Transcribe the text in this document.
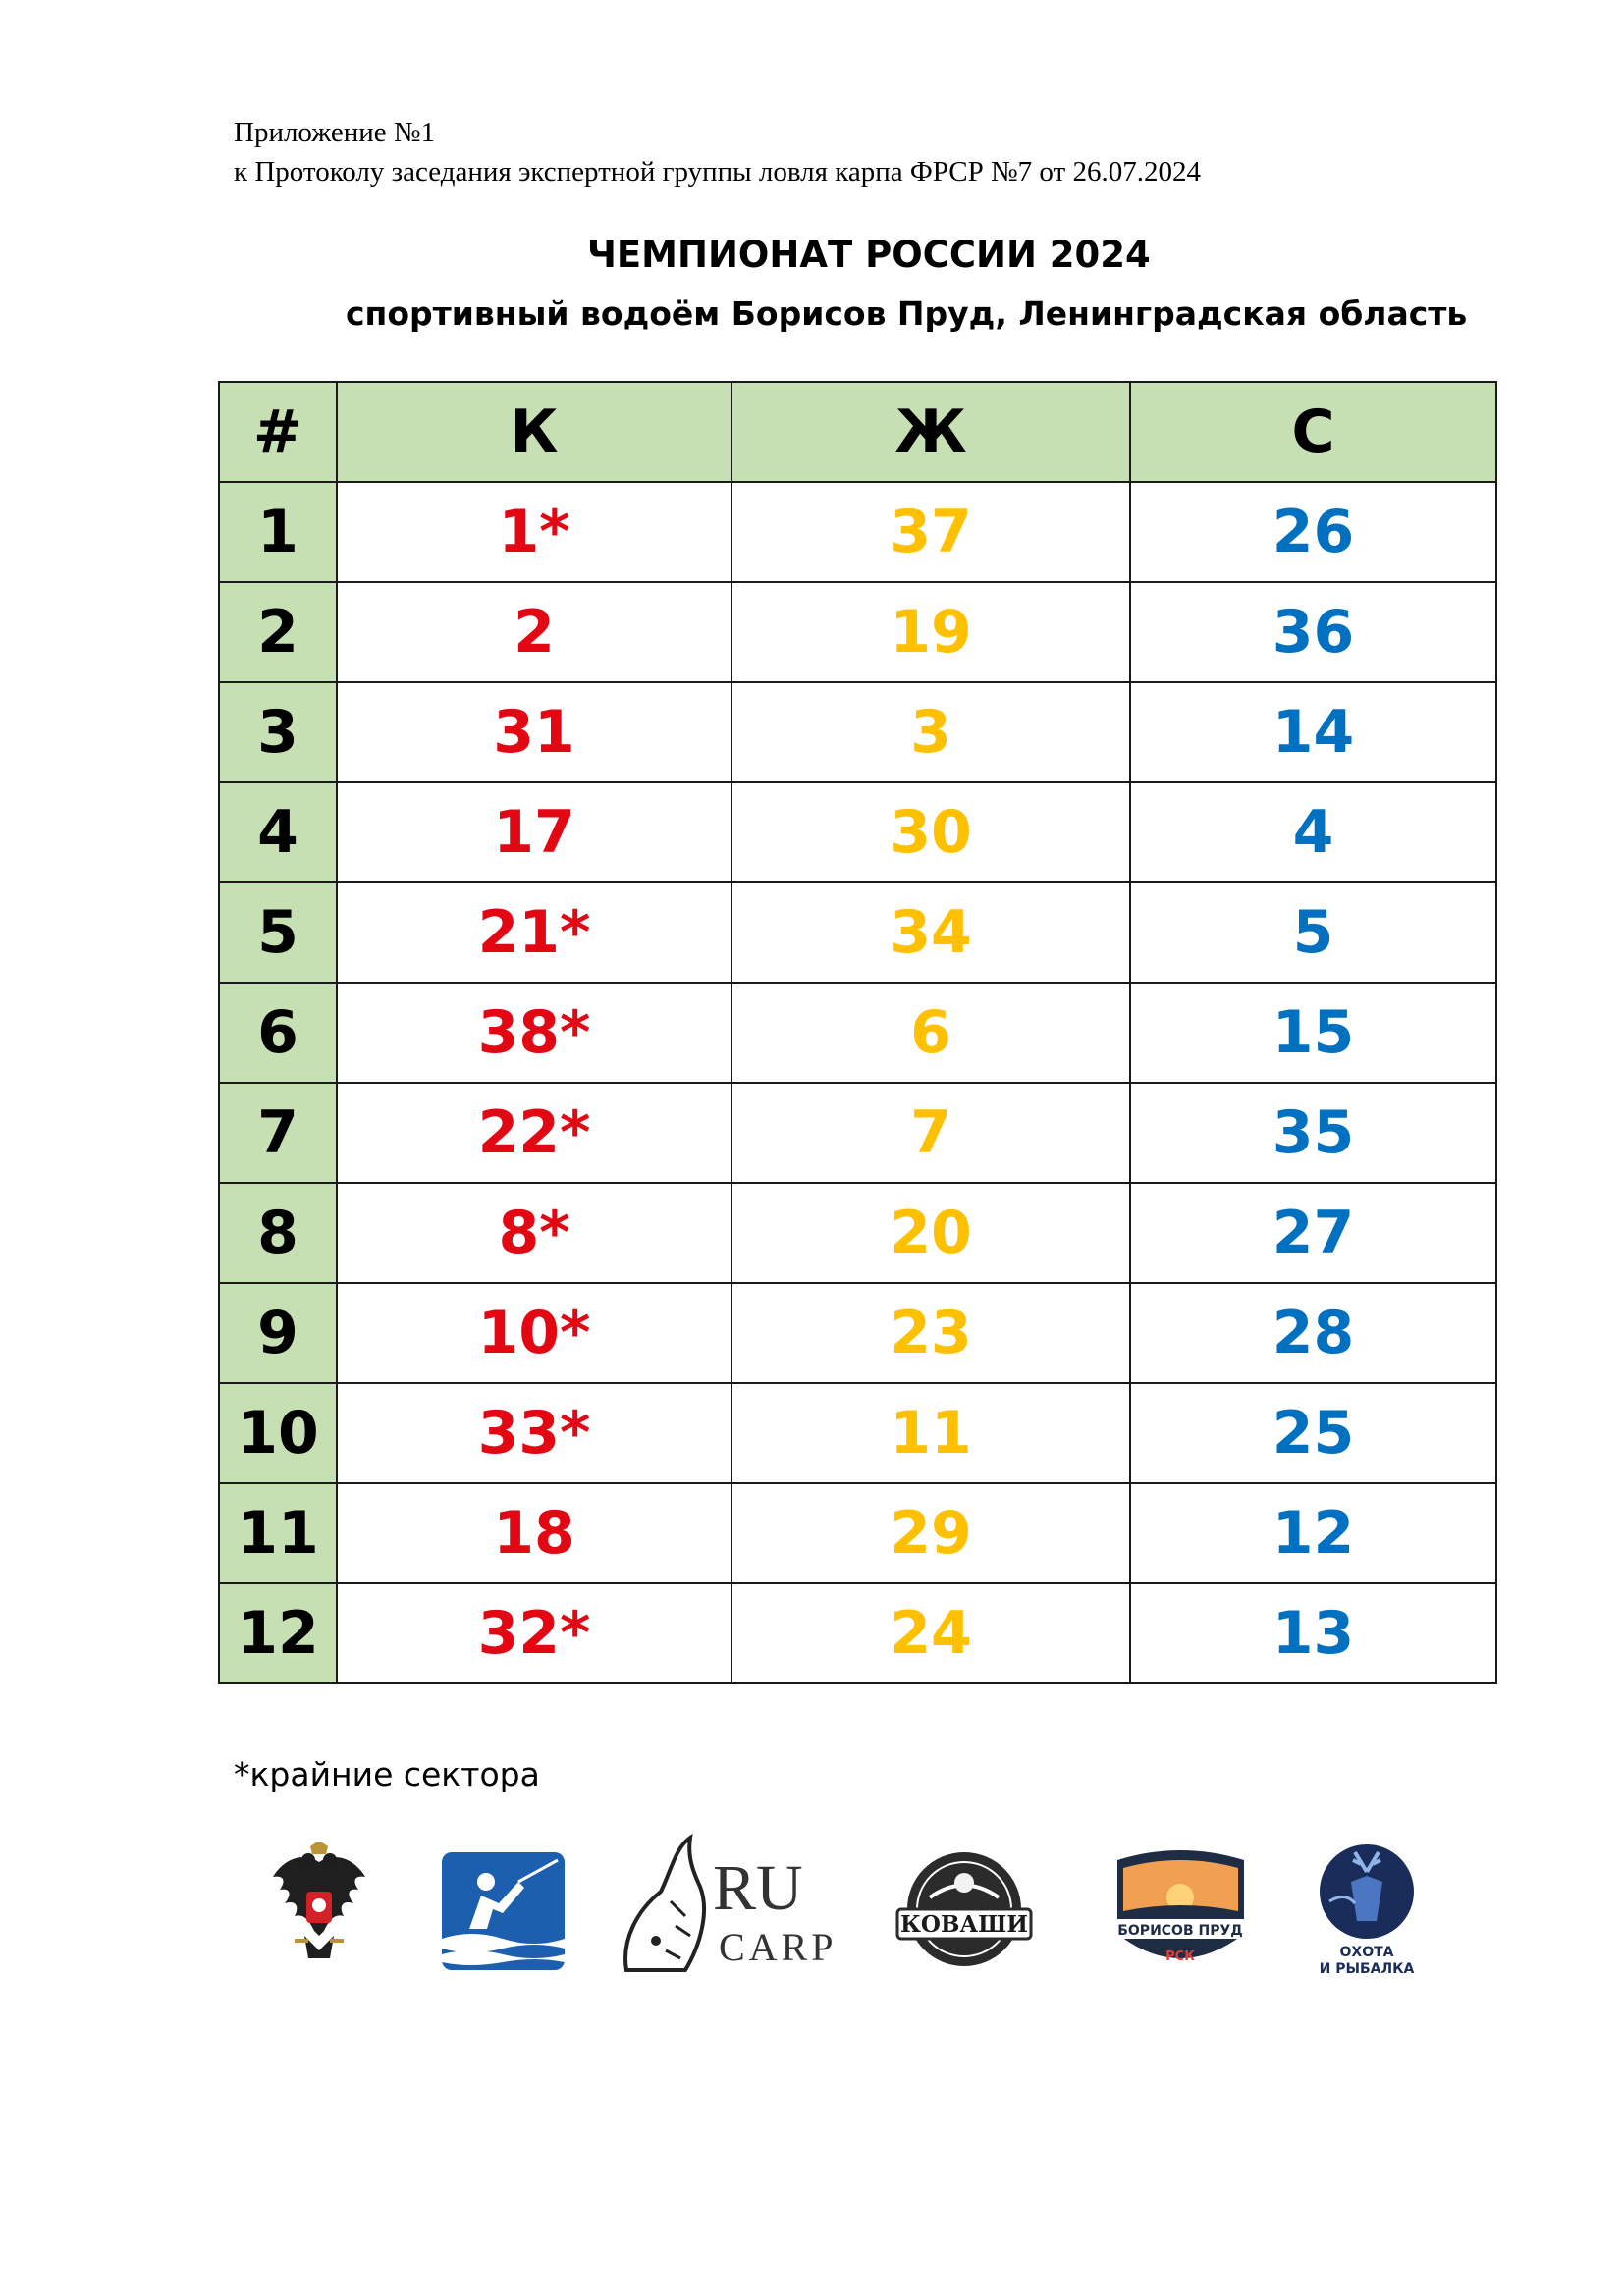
Приложение №1
к Протоколу заседания экспертной группы ловля карпа ФРСР №7 от 26.07.2024
ЧЕМПИОНАТ РОССИИ 2024
спортивный водоём Борисов Пруд, Ленинградская область
#	К	Ж	С
1	1*	37	26
2	2	19	36
3	31	3	14
4	17	30	4
5	21*	34	5
6	38*	6	15
7	22*	7	35
8	8*	20	27
9	10*	23	28
10	33*	11	25
11	18	29	12
12	32*	24	13
*крайние сектора
RU
CARP
КОВАШИ	БОРИСОВ ПРУД
РСК	ОХОТА
И РЫБАЛКА
